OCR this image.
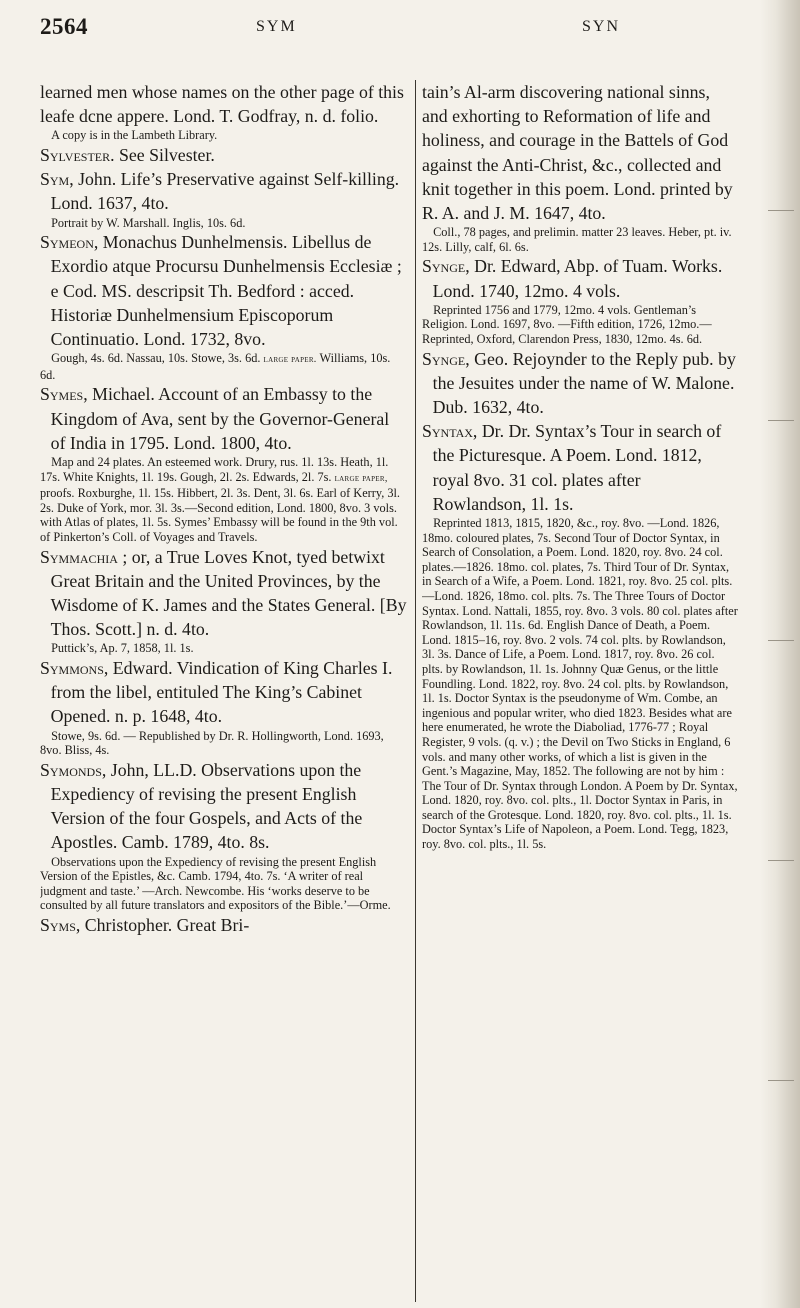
2564	SYM	SYN

learned men whose names on the other page of this leafe dcne appere. Lond. T. Godfray, n. d. folio.

A copy is in the Lambeth Library.

Sylvester. See Silvester.

Sym, John. Life’s Preservative against Self-killing. Lond. 1637, 4to.

Portrait by W. Marshall. Inglis, 10s. 6d.

Symeon, Monachus Dunhelmensis. Libellus de Exordio atque Procursu Dunhelmensis Ecclesiæ ; e Cod. MS. descripsit Th. Bedford : acced. Historiæ Dunhelmensium Episcoporum Continuatio. Lond. 1732, 8vo.

Gough, 4s. 6d. Nassau, 10s. Stowe, 3s. 6d. large paper. Williams, 10s. 6d.

Symes, Michael. Account of an Embassy to the Kingdom of Ava, sent by the Governor-General of India in 1795. Lond. 1800, 4to.

Map and 24 plates. An esteemed work. Drury, rus. 1l. 13s. Heath, 1l. 17s. White Knights, 1l. 19s. Gough, 2l. 2s. Edwards, 2l. 7s. large paper, proofs. Roxburghe, 1l. 15s. Hibbert, 2l. 3s. Dent, 3l. 6s. Earl of Kerry, 3l. 2s. Duke of York, mor. 3l. 3s.—Second edition, Lond. 1800, 8vo. 3 vols. with Atlas of plates, 1l. 5s. Symes’ Embassy will be found in the 9th vol. of Pinkerton’s Coll. of Voyages and Travels.

Symmachia ; or, a True Loves Knot, tyed betwixt Great Britain and the United Provinces, by the Wisdome of K. James and the States General. [By Thos. Scott.] n. d. 4to.

Puttick’s, Ap. 7, 1858, 1l. 1s.

Symmons, Edward. Vindication of King Charles I. from the libel, entituled The King’s Cabinet Opened. n. p. 1648, 4to.

Stowe, 9s. 6d. — Republished by Dr. R. Hollingworth, Lond. 1693, 8vo. Bliss, 4s.

Symonds, John, LL.D. Observations upon the Expediency of revising the present English Version of the four Gospels, and Acts of the Apostles. Camb. 1789, 4to. 8s.

Observations upon the Expediency of revising the present English Version of the Epistles, &c. Camb. 1794, 4to. 7s. ‘A writer of real judgment and taste.’ —Arch. Newcombe. His ‘works deserve to be consulted by all future translators and expositors of the Bible.’—Orme.

Syms, Christopher. Great Bri-

tain’s Al-arm discovering national sinns, and exhorting to Reformation of life and holiness, and courage in the Battels of God against the Anti-Christ, &c., collected and knit together in this poem. Lond. printed by R. A. and J. M. 1647, 4to.

Coll., 78 pages, and prelimin. matter 23 leaves. Heber, pt. iv. 12s. Lilly, calf, 6l. 6s.

Synge, Dr. Edward, Abp. of Tuam. Works. Lond. 1740, 12mo. 4 vols.

Reprinted 1756 and 1779, 12mo. 4 vols. Gentleman’s Religion. Lond. 1697, 8vo. —Fifth edition, 1726, 12mo.—Reprinted, Oxford, Clarendon Press, 1830, 12mo. 4s. 6d.

Synge, Geo. Rejoynder to the Reply pub. by the Jesuites under the name of W. Malone. Dub. 1632, 4to.

Syntax, Dr. Dr. Syntax’s Tour in search of the Picturesque. A Poem. Lond. 1812, royal 8vo. 31 col. plates after Rowlandson, 1l. 1s.

Reprinted 1813, 1815, 1820, &c., roy. 8vo. —Lond. 1826, 18mo. coloured plates, 7s. Second Tour of Doctor Syntax, in Search of Consolation, a Poem. Lond. 1820, roy. 8vo. 24 col. plates.—1826. 18mo. col. plates, 7s. Third Tour of Dr. Syntax, in Search of a Wife, a Poem. Lond. 1821, roy. 8vo. 25 col. plts.—Lond. 1826, 18mo. col. plts. 7s. The Three Tours of Doctor Syntax. Lond. Nattali, 1855, roy. 8vo. 3 vols. 80 col. plates after Rowlandson, 1l. 11s. 6d. English Dance of Death, a Poem. Lond. 1815–16, roy. 8vo. 2 vols. 74 col. plts. by Rowlandson, 3l. 3s. Dance of Life, a Poem. Lond. 1817, roy. 8vo. 26 col. plts. by Rowlandson, 1l. 1s. Johnny Quæ Genus, or the little Foundling. Lond. 1822, roy. 8vo. 24 col. plts. by Rowlandson, 1l. 1s. Doctor Syntax is the pseudonyme of Wm. Combe, an ingenious and popular writer, who died 1823. Besides what are here enumerated, he wrote the Diaboliad, 1776-77 ; Royal Register, 9 vols. (q. v.) ; the Devil on Two Sticks in England, 6 vols. and many other works, of which a list is given in the Gent.’s Magazine, May, 1852. The following are not by him : The Tour of Dr. Syntax through London. A Poem by Dr. Syntax, Lond. 1820, roy. 8vo. col. plts., 1l. Doctor Syntax in Paris, in search of the Grotesque. Lond. 1820, roy. 8vo. col. plts., 1l. 1s. Doctor Syntax’s Life of Napoleon, a Poem. Lond. Tegg, 1823, roy. 8vo. col. plts., 1l. 5s.
